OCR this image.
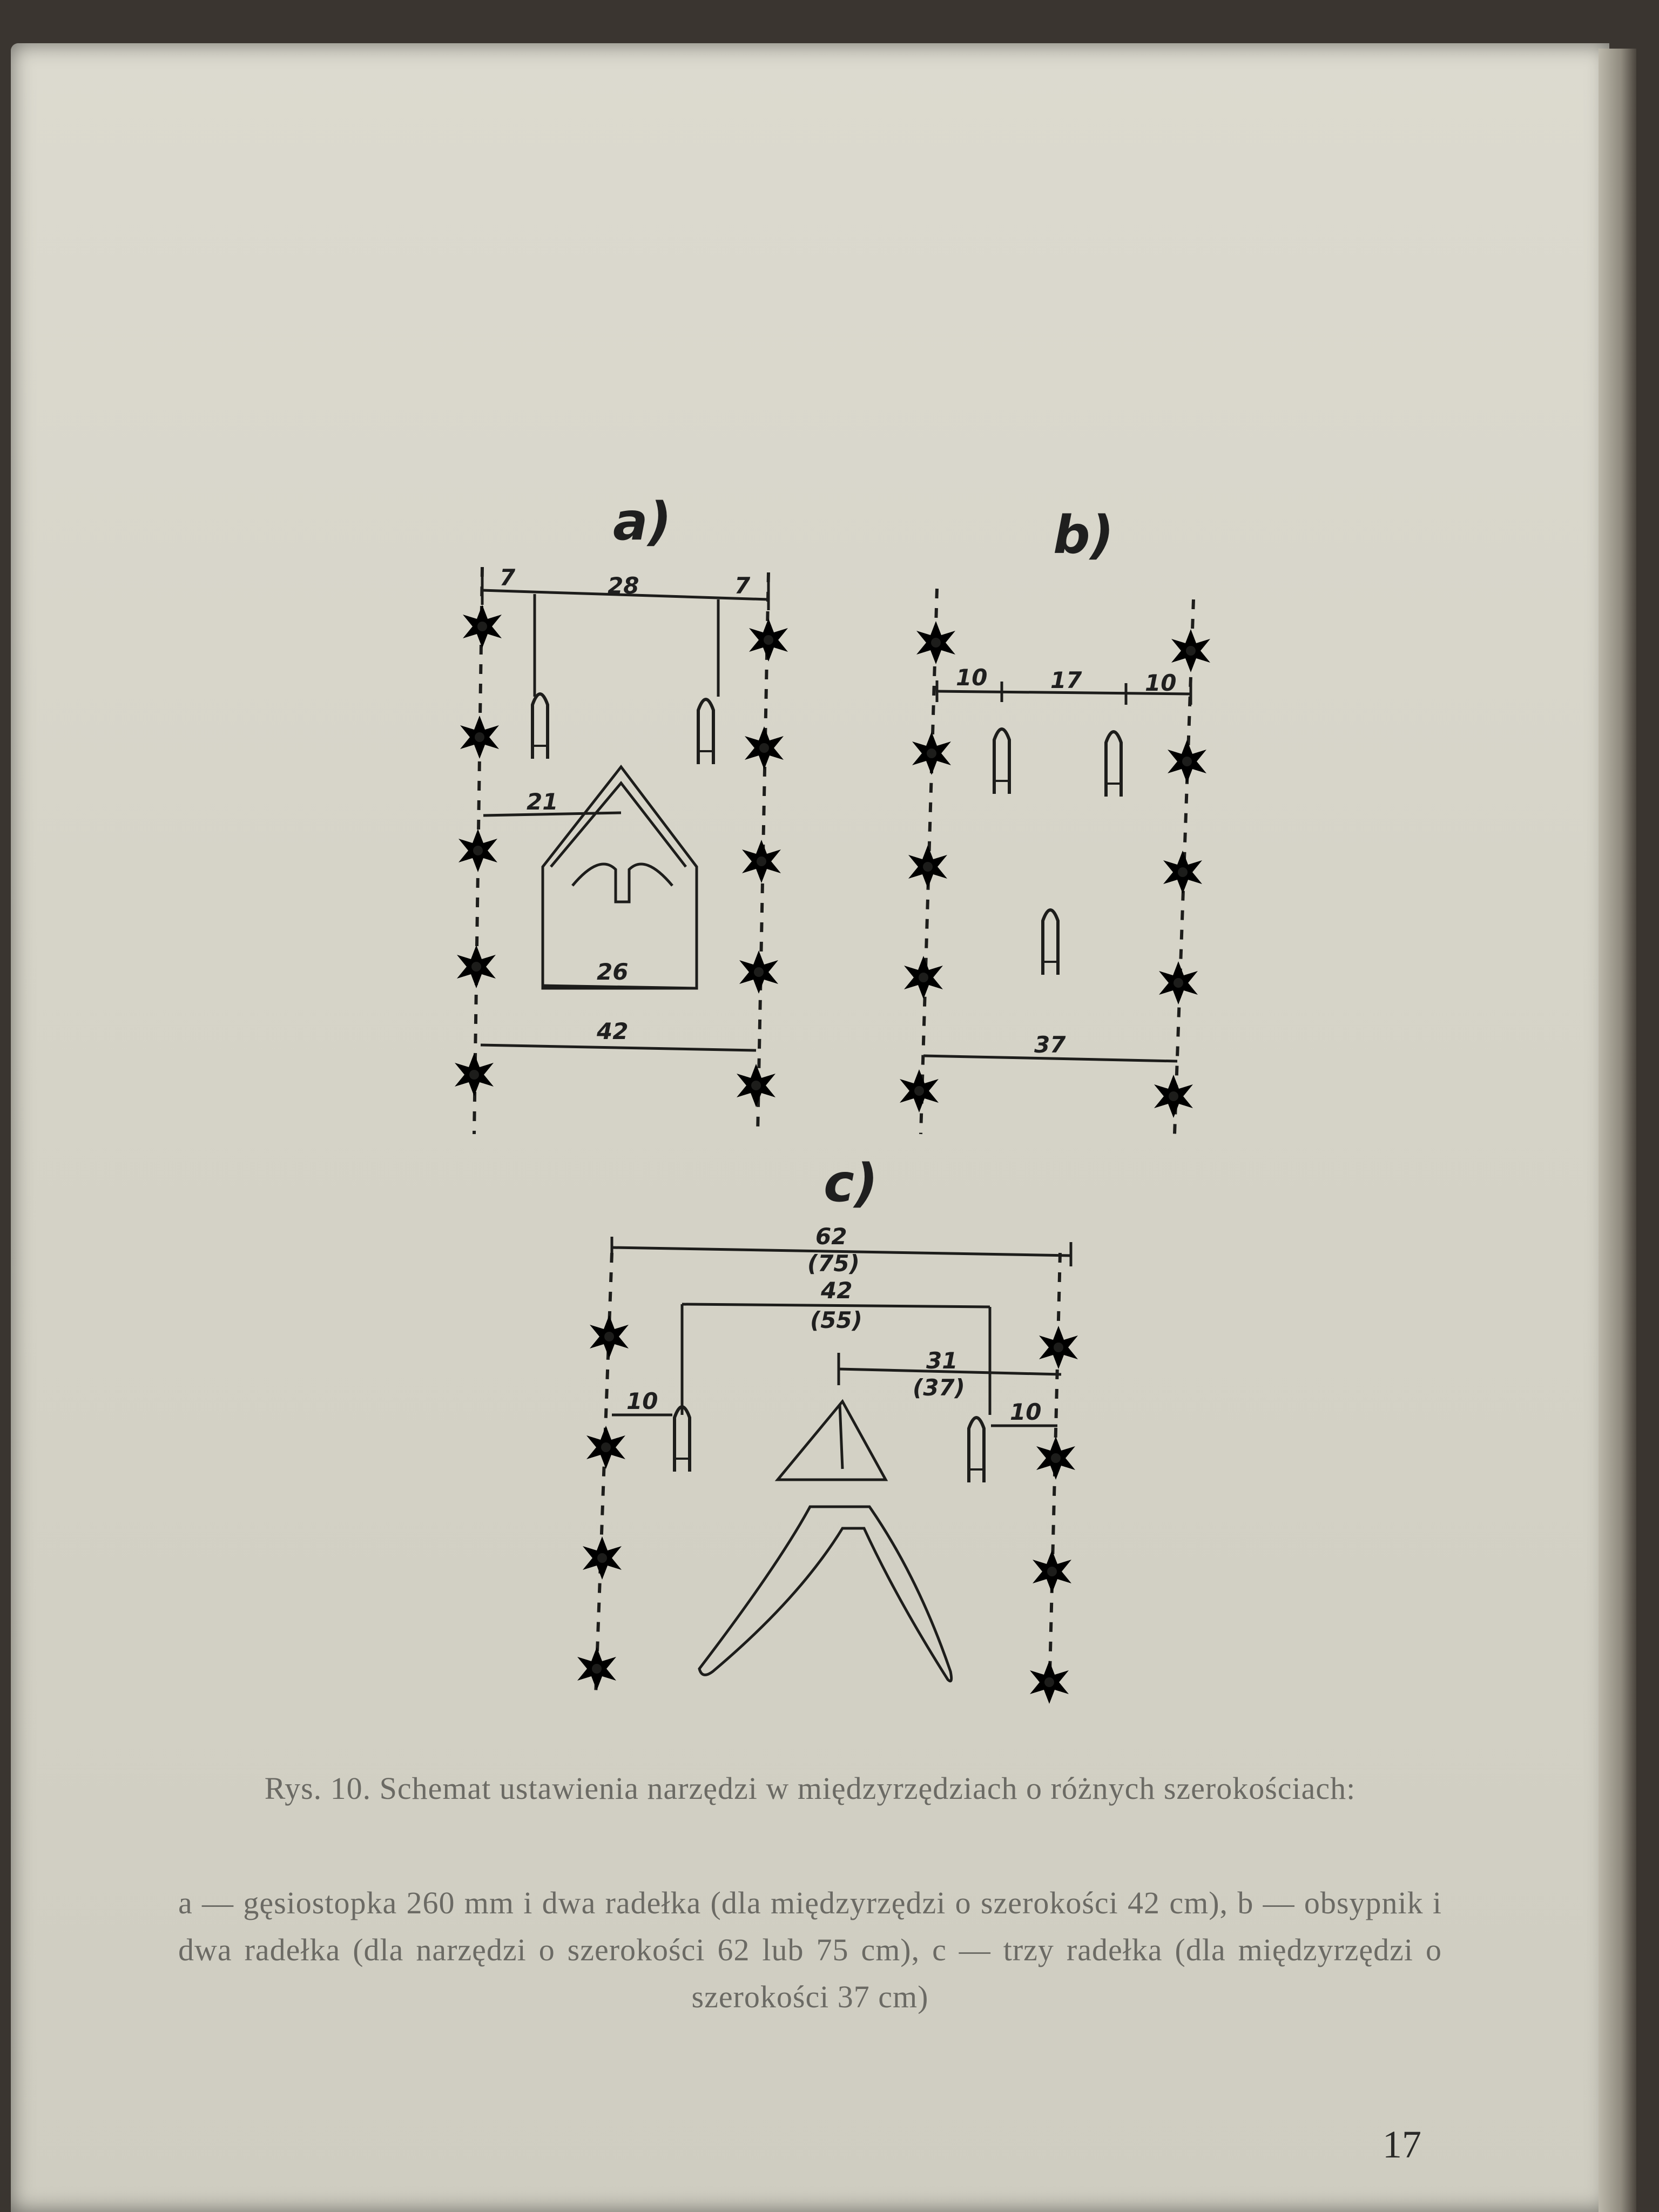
a)	b)
c)
7	28	7
21
26
42
10	17	10
37
62
(75)
42
(55)
31
(37)
10	10
Rys. 10. Schemat ustawienia narzędzi w międzyrzędziach o różnych szerokościach:
a — gęsiostopka 260 mm i dwa radełka (dla międzyrzędzi o szerokości 42 cm), b — obsypnik i dwa radełka (dla narzędzi o szerokości 62 lub 75 cm), c — trzy radełka (dla międzyrzędzi o szerokości 37 cm)
17
